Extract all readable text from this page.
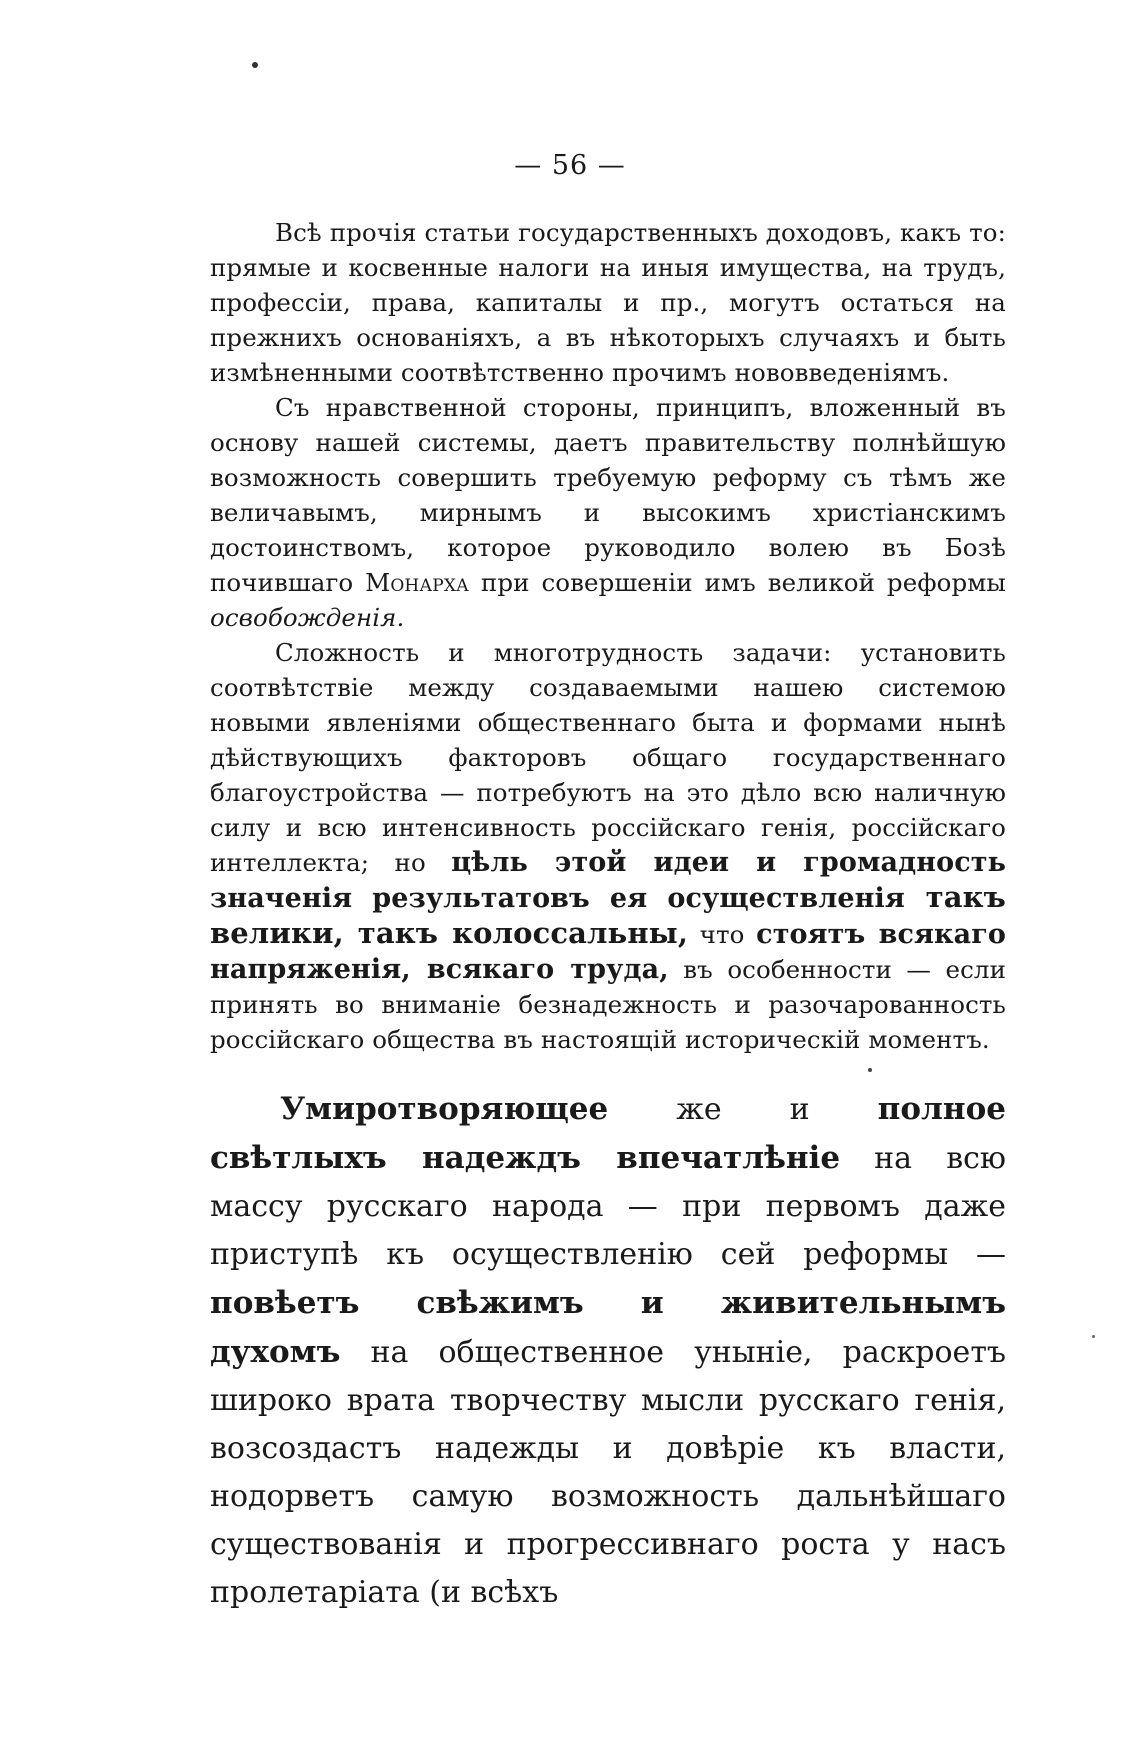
— 56 —

Всѣ прочія статьи государственныхъ доходовъ, какъ то: прямые и косвенные налоги на иныя имущества, на трудъ, профессіи, права, капиталы и пр., могутъ остаться на прежнихъ основаніяхъ, а въ нѣкоторыхъ случаяхъ и быть измѣненными соотвѣтственно прочимъ нововведеніямъ.

Съ нравственной стороны, принципъ, вложенный въ основу нашей системы, даетъ правительству полнѣйшую возможность совершить требуемую реформу съ тѣмъ же величавымъ, мирнымъ и высокимъ христіанскимъ достоинствомъ, которое руководило волею въ Бозѣ почившаго Монарха при совершеніи имъ великой реформы освобожденія.

Сложность и многотрудность задачи: установить соотвѣтствіе между создаваемыми нашею системою новыми явленіями общественнаго быта и формами нынѣ дѣйствующихъ факторовъ общаго государственнаго благоустройства — потребуютъ на это дѣло всю наличную силу и всю интенсивность россійскаго генія, россійскаго интеллекта; но цѣль этой идеи и громадность значенія результатовъ ея осуществленія такъ велики, такъ колоссальны, что стоятъ всякаго напряженія, всякаго труда, въ особенности — если принять во вниманіе безнадежность и разочарованность россійскаго общества въ настоящій историческій моментъ.

Умиротворяющее же и полное свѣтлыхъ надеждъ впечатлѣніе на всю массу русскаго народа — при первомъ даже приступѣ къ осуществленію сей реформы — повѣетъ свѣжимъ и живительнымъ духомъ на общественное уныніе, раскроетъ широко врата творчеству мысли русскаго генія, возсоздастъ надежды и довѣріе къ власти, нодорветъ самую возможность дальнѣйшаго существованія и прогрессивнаго роста у насъ пролетаріата (и всѣхъ
